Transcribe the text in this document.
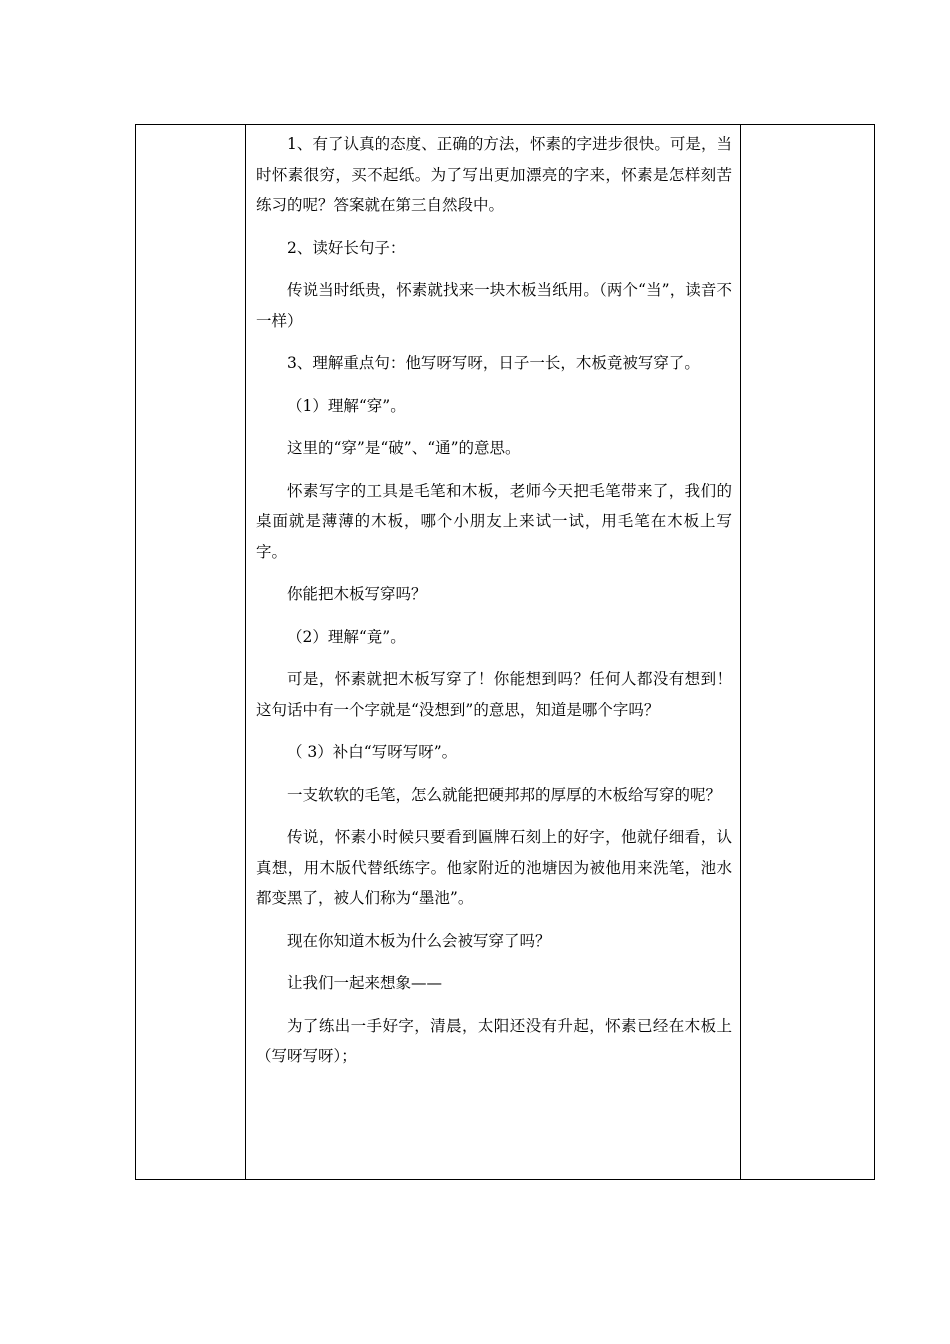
1、有了认真的态度、正确的方法，怀素的字进步很快。可是，当时怀素很穷，买不起纸。为了写出更加漂亮的字来，怀素是怎样刻苦练习的呢？答案就在第三自然段中。

2、读好长句子：

传说当时纸贵，怀素就找来一块木板当纸用。（两个“当”，读音不一样）

3、理解重点句：他写呀写呀，日子一长，木板竟被写穿了。

（1）理解“穿”。

这里的“穿”是“破”、“通”的意思。

怀素写字的工具是毛笔和木板，老师今天把毛笔带来了，我们的桌面就是薄薄的木板，哪个小朋友上来试一试，用毛笔在木板上写字。

你能把木板写穿吗？

（2）理解“竟”。

可是，怀素就把木板写穿了！你能想到吗？任何人都没有想到！这句话中有一个字就是“没想到”的意思，知道是哪个字吗？

（ 3）补白“写呀写呀”。

一支软软的毛笔，怎么就能把硬邦邦的厚厚的木板给写穿的呢？

传说，怀素小时候只要看到匾牌石刻上的好字，他就仔细看，认真想，用木版代替纸练字。他家附近的池塘因为被他用来洗笔，池水都变黑了，被人们称为“墨池”。

现在你知道木板为什么会被写穿了吗？

让我们一起来想象——

为了练出一手好字，清晨，太阳还没有升起，怀素已经在木板上（写呀写呀）；
